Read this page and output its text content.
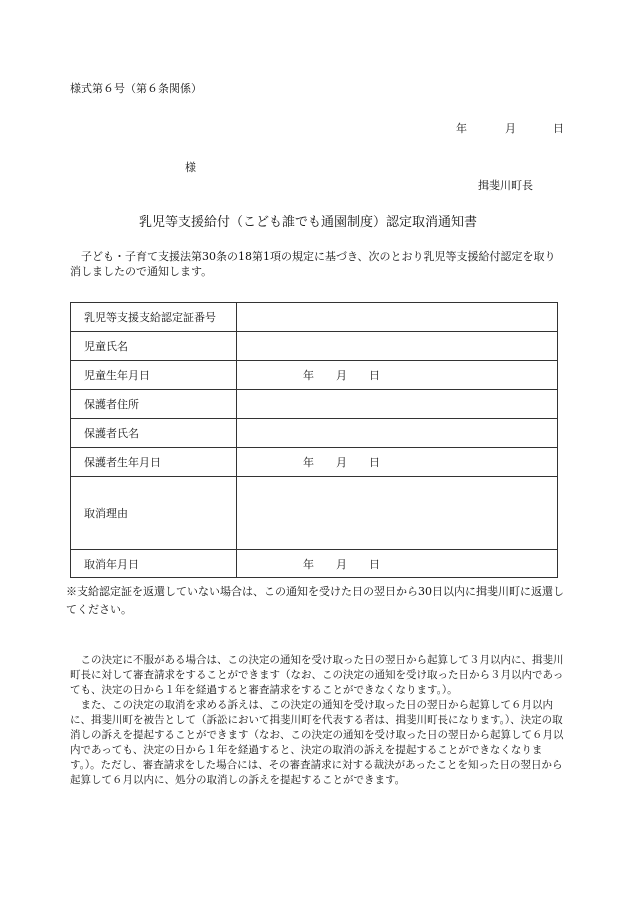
様式第６号（第６条関係）
年	月	日
様
揖斐川町長
乳児等支援給付（こども誰でも通園制度）認定取消通知書
子ども・子育て支援法第30条の18第1項の規定に基づき、次のとおり乳児等支援給付認定を取り消しましたので通知します。
乳児等支援支給認定証番号	
児童氏名	
児童生年月日	年 月 日
保護者住所	
保護者氏名	
保護者生年月日	年 月 日
取消理由	
取消年月日	年 月 日
※支給認定証を返還していない場合は、この通知を受けた日の翌日から30日以内に揖斐川町に返還してください。

この決定に不服がある場合は、この決定の通知を受け取った日の翌日から起算して３月以内に、揖斐川町長に対して審査請求をすることができます（なお、この決定の通知を受け取った日から３月以内であっても、決定の日から１年を経過すると審査請求をすることができなくなります。）。

また、この決定の取消を求める訴えは、この決定の通知を受け取った日の翌日から起算して６月以内に、揖斐川町を被告として（訴訟において揖斐川町を代表する者は、揖斐川町長になります。）、決定の取消しの訴えを提起することができます（なお、この決定の通知を受け取った日の翌日から起算して６月以内であっても、決定の日から１年を経過すると、決定の取消の訴えを提起することができなくなります。）。ただし、審査請求をした場合には、その審査請求に対する裁決があったことを知った日の翌日から起算して６月以内に、処分の取消しの訴えを提起することができます。
